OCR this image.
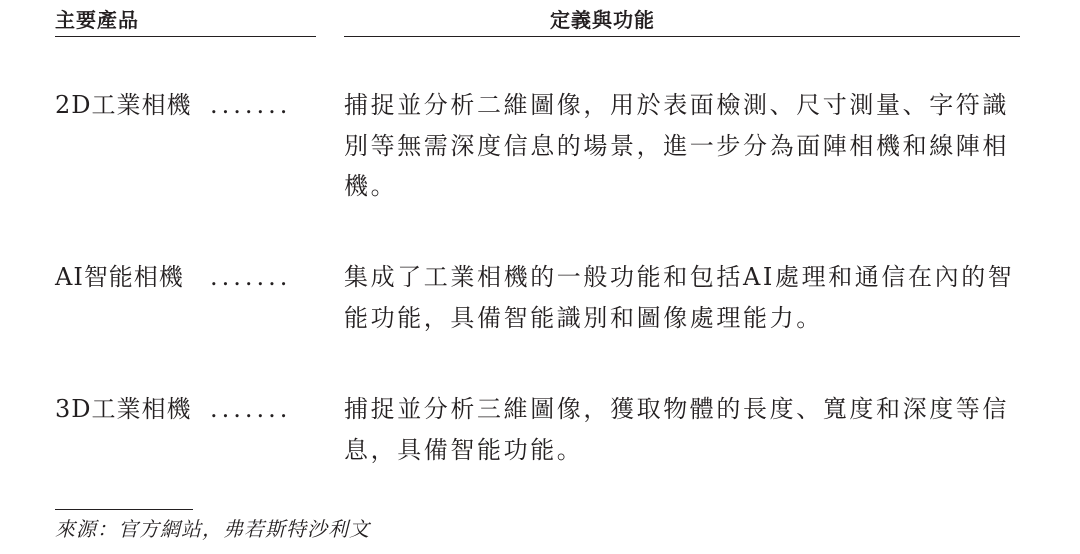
主要產品	定義與功能
2D工業相機 ....... 捕捉並分析二維圖像，用於表面檢測、尺寸測量、字符識別等無需深度信息的場景，進一步分為面陣相機和線陣相機。
AI智能相機 ....... 集成了工業相機的一般功能和包括AI處理和通信在內的智能功能，具備智能識別和圖像處理能力。
3D工業相機 ....... 捕捉並分析三維圖像，獲取物體的長度、寬度和深度等信息，具備智能功能。
來源：官方網站，弗若斯特沙利文
